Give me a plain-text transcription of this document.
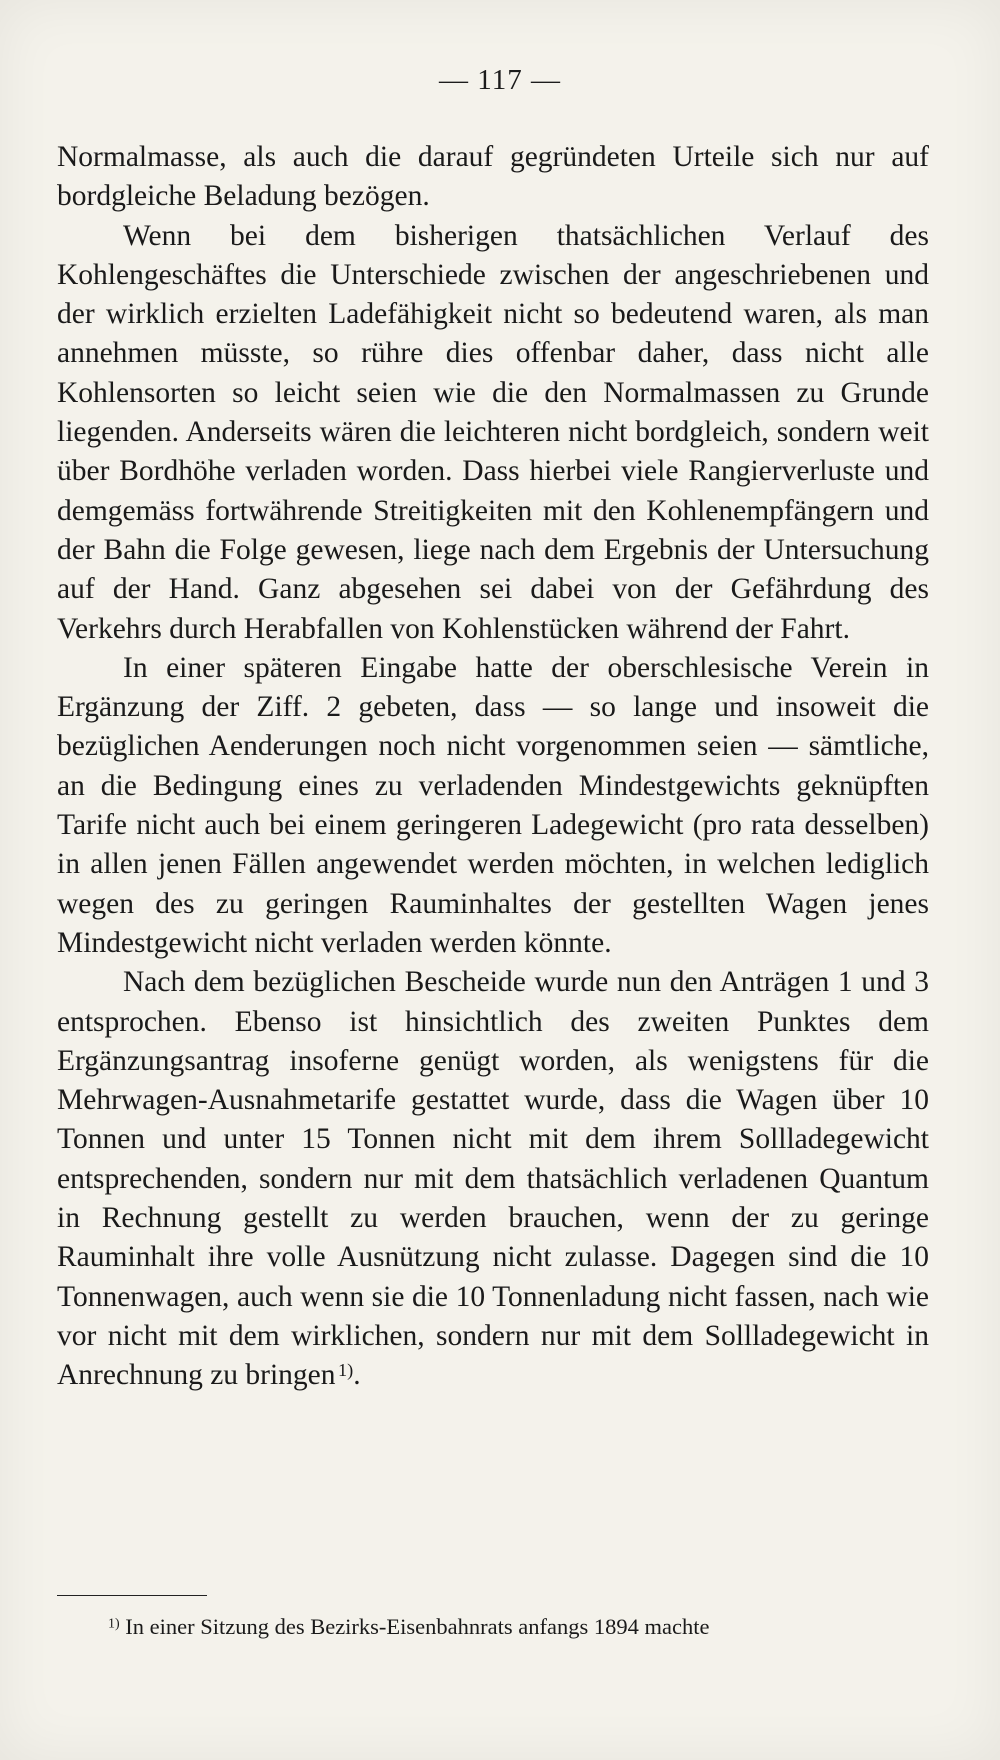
— 117 —

Normalmasse, als auch die darauf gegründeten Urteile sich nur auf bordgleiche Beladung bezögen.

Wenn bei dem bisherigen thatsächlichen Verlauf des Kohlengeschäftes die Unterschiede zwischen der angeschriebenen und der wirklich erzielten Ladefähigkeit nicht so bedeutend waren, als man annehmen müsste, so rühre dies offenbar daher, dass nicht alle Kohlensorten so leicht seien wie die den Normalmassen zu Grunde liegenden. Anderseits wären die leichteren nicht bordgleich, sondern weit über Bordhöhe verladen worden. Dass hierbei viele Rangierverluste und demgemäss fortwährende Streitigkeiten mit den Kohlenempfängern und der Bahn die Folge gewesen, liege nach dem Ergebnis der Untersuchung auf der Hand. Ganz abgesehen sei dabei von der Gefährdung des Verkehrs durch Herabfallen von Kohlenstücken während der Fahrt.

In einer späteren Eingabe hatte der oberschlesische Verein in Ergänzung der Ziff. 2 gebeten, dass — so lange und insoweit die bezüglichen Aenderungen noch nicht vorgenommen seien — sämtliche, an die Bedingung eines zu verladenden Mindestgewichts geknüpften Tarife nicht auch bei einem geringeren Ladegewicht (pro rata desselben) in allen jenen Fällen angewendet werden möchten, in welchen lediglich wegen des zu geringen Rauminhaltes der gestellten Wagen jenes Mindestgewicht nicht verladen werden könnte.

Nach dem bezüglichen Bescheide wurde nun den Anträgen 1 und 3 entsprochen. Ebenso ist hinsichtlich des zweiten Punktes dem Ergänzungsantrag insoferne genügt worden, als wenigstens für die Mehrwagen-Ausnahmetarife gestattet wurde, dass die Wagen über 10 Tonnen und unter 15 Tonnen nicht mit dem ihrem Sollladegewicht entsprechenden, sondern nur mit dem thatsächlich verladenen Quantum in Rechnung gestellt zu werden brauchen, wenn der zu geringe Rauminhalt ihre volle Ausnützung nicht zulasse. Dagegen sind die 10 Tonnenwagen, auch wenn sie die 10 Tonnenladung nicht fassen, nach wie vor nicht mit dem wirklichen, sondern nur mit dem Sollladegewicht in Anrechnung zu bringen  $^{1)}$.

$^{1)}$ In einer Sitzung des Bezirks-Eisenbahnrats anfangs 1894 machte
